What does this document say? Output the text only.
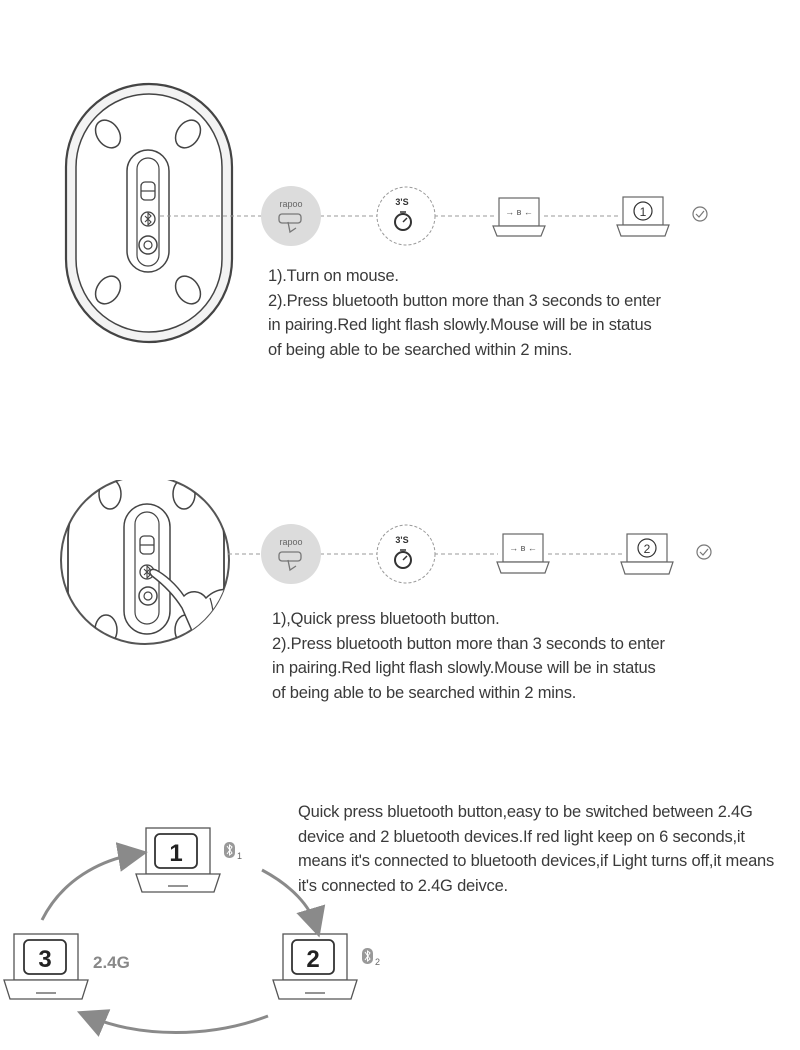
rapoo	3'S
→ ʙ ←	1
1).Turn on mouse.
2).Press bluetooth button more than 3 seconds to enter
in pairing.Red light flash slowly.Mouse will be in status
of being able to be searched within 2 mins.
rapoo	3'S
→ ʙ ←	2
1),Quick press bluetooth button.
2).Press bluetooth button more than 3 seconds to enter
in pairing.Red light flash slowly.Mouse will be in status
of being able to be searched within 2 mins.
Quick press bluetooth button,easy to be switched between 2.4G
device and 2 bluetooth devices.If red light keep on 6 seconds,it
means it's connected to bluetooth devices,if Light turns off,it means
it's connected to 2.4G deivce.
1	1
2	2
3 2.4G
